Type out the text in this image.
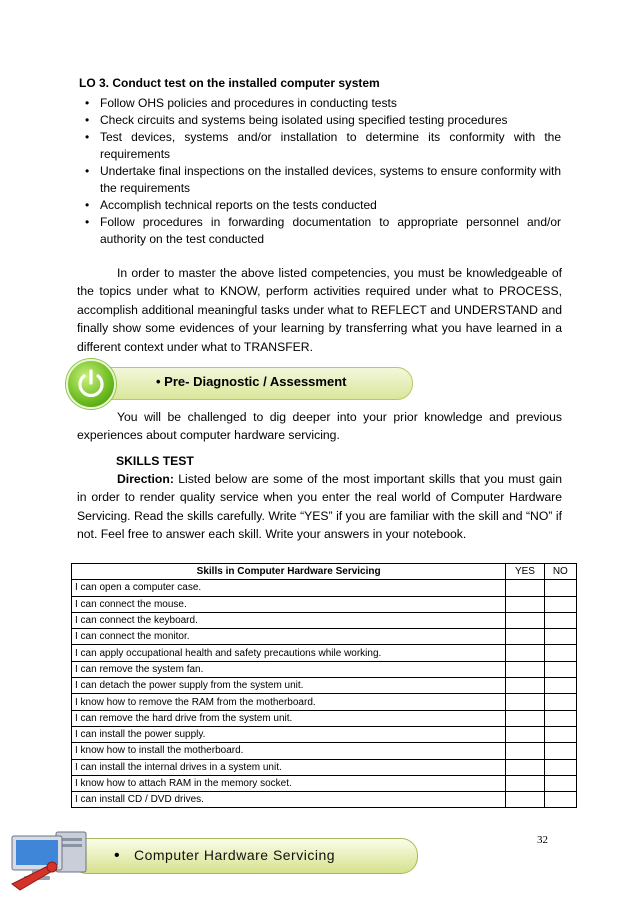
LO 3. Conduct test on the installed computer system
• Follow OHS policies and procedures in conducting tests
• Check circuits and systems being isolated using specified testing procedures
• Test devices, systems and/or installation to determine its conformity with the requirements
• Undertake final inspections on the installed devices, systems to ensure conformity with the requirements
• Accomplish technical reports on the tests conducted
• Follow procedures in forwarding documentation to appropriate personnel and/or authority on the test conducted

In order to master the above listed competencies, you must be knowledgeable of the topics under what to KNOW, perform activities required under what to PROCESS, accomplish additional meaningful tasks under what to REFLECT and UNDERSTAND and finally show some evidences of your learning by transferring what you have learned in a different context under what to TRANSFER.

• Pre- Diagnostic / Assessment

You will be challenged to dig deeper into your prior knowledge and previous experiences about computer hardware servicing.

SKILLS TEST

Direction: Listed below are some of the most important skills that you must gain in order to render quality service when you enter the real world of Computer Hardware Servicing. Read the skills carefully. Write “YES” if you are familiar with the skill and “NO” if not. Feel free to answer each skill. Write your answers in your notebook.

Skills in Computer Hardware Servicing	YES	NO
I can open a computer case.		
I can connect the mouse.		
I can connect the keyboard.		
I can connect the monitor.		
I can apply occupational health and safety precautions while working.		
I can remove the system fan.		
I can detach the power supply from the system unit.		
I know how to remove the RAM from the motherboard.		
I can remove the hard drive from the system unit.		
I can install the power supply.		
I know how to install the motherboard.		
I can install the internal drives in a system unit.		
I know how to attach RAM in the memory socket.		
I can install CD / DVD drives.		
32
• Computer Hardware Servicing
